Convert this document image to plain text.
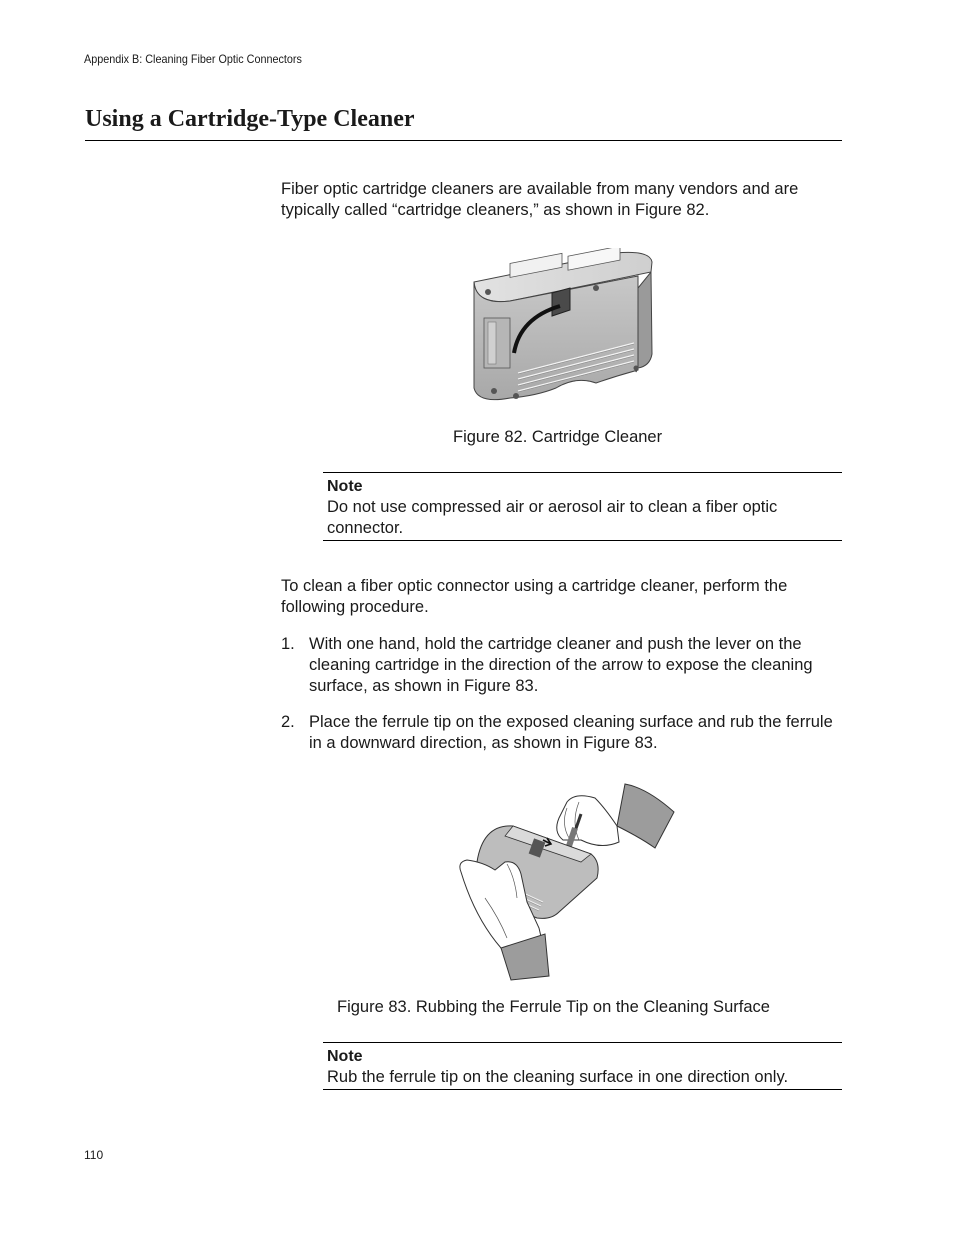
Appendix B: Cleaning Fiber Optic Connectors
Using a Cartridge-Type Cleaner

Fiber optic cartridge cleaners are available from many vendors and are typically called “cartridge cleaners,” as shown in Figure 82.

Figure 82. Cartridge Cleaner
Note
Do not use compressed air or aerosol air to clean a fiber optic connector.

To clean a fiber optic connector using a cartridge cleaner, perform the following procedure.

1. With one hand, hold the cartridge cleaner and push the lever on the cleaning cartridge in the direction of the arrow to expose the cleaning surface, as shown in Figure 83.
2. Place the ferrule tip on the exposed cleaning surface and rub the ferrule in a downward direction, as shown in Figure 83.
Figure 83. Rubbing the Ferrule Tip on the Cleaning Surface
Note
Rub the ferrule tip on the cleaning surface in one direction only.
110
